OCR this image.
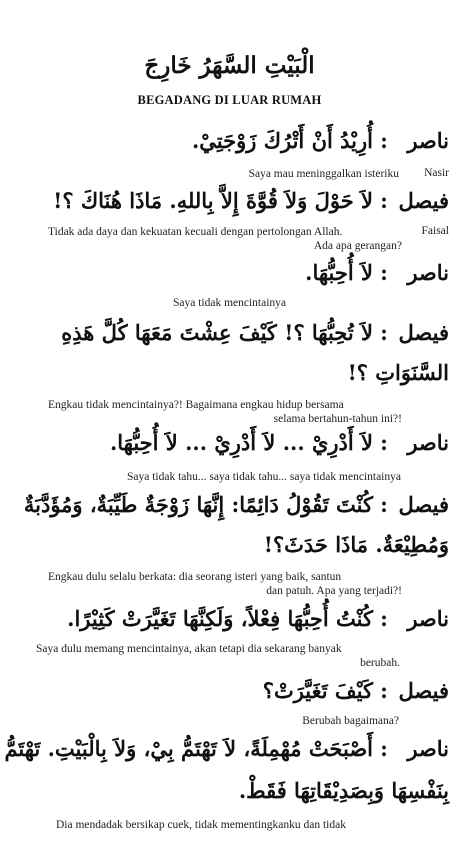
الْبَيْتِ السَّهَرُ خَارِجَ
BEGADANG DI LUAR RUMAH
ناصر:أُرِيْدُ أَنْ أَتْرُكَ زَوْجَتِيْ.
Saya mau meninggalkan isteriku Nasir
فيصل:لاَ حَوْلَ وَلاَ قُوَّةَ إِلاَّ بِاللهِ. مَاذَا هُنَاكَ ؟!
Tidak ada daya dan kekuatan kecuali dengan pertolongan Allah.
Ada apa gerangan?
Faisal
ناصر:لاَ أُحِبُّهَا.
Saya tidak mencintainya
فيصل:لاَ تُحِبُّهَا ؟! كَيْفَ عِشْتَ مَعَهَا كُلَّ هَذِهِ
السَّنَوَاتِ ؟!
Engkau tidak mencintainya?! Bagaimana engkau hidup bersama
selama bertahun-tahun ini?!
ناصر:لاَ أَدْرِيْ ... لاَ أَدْرِيْ ... لاَ أُحِبُّهَا.
Saya tidak tahu... saya tidak tahu... saya tidak mencintainya
فيصل:كُنْتَ تَقُوْلُ دَائِمًا: إِنَّهَا زَوْجَةٌ طَيِّبَةٌ، وَمُؤَدَّبَةٌ
وَمُطِيْعَةٌ. مَاذَا حَدَثَ؟!
Engkau dulu selalu berkata: dia seorang isteri yang baik, santun
dan patuh. Apa yang terjadi?!
ناصر:كُنْتُ أُحِبُّهَا فِعْلاً، وَلَكِنَّهَا تَغَيَّرَتْ كَثِيْرًا.
Saya dulu memang mencintainya, akan tetapi dia sekarang banyak
berubah.
فيصل:كَيْفَ تَغَيَّرَتْ؟
Berubah bagaimana?
ناصر:أَصْبَحَتْ مُهْمِلَةً، لاَ تَهْتَمُّ بِيْ، وَلاَ بِالْبَيْتِ. تَهْتَمُّ
بِنَفْسِهَا وَبِصَدِيْقَاتِهَا فَقَطْ.
Dia mendadak bersikap cuek, tidak mementingkanku dan tidak
